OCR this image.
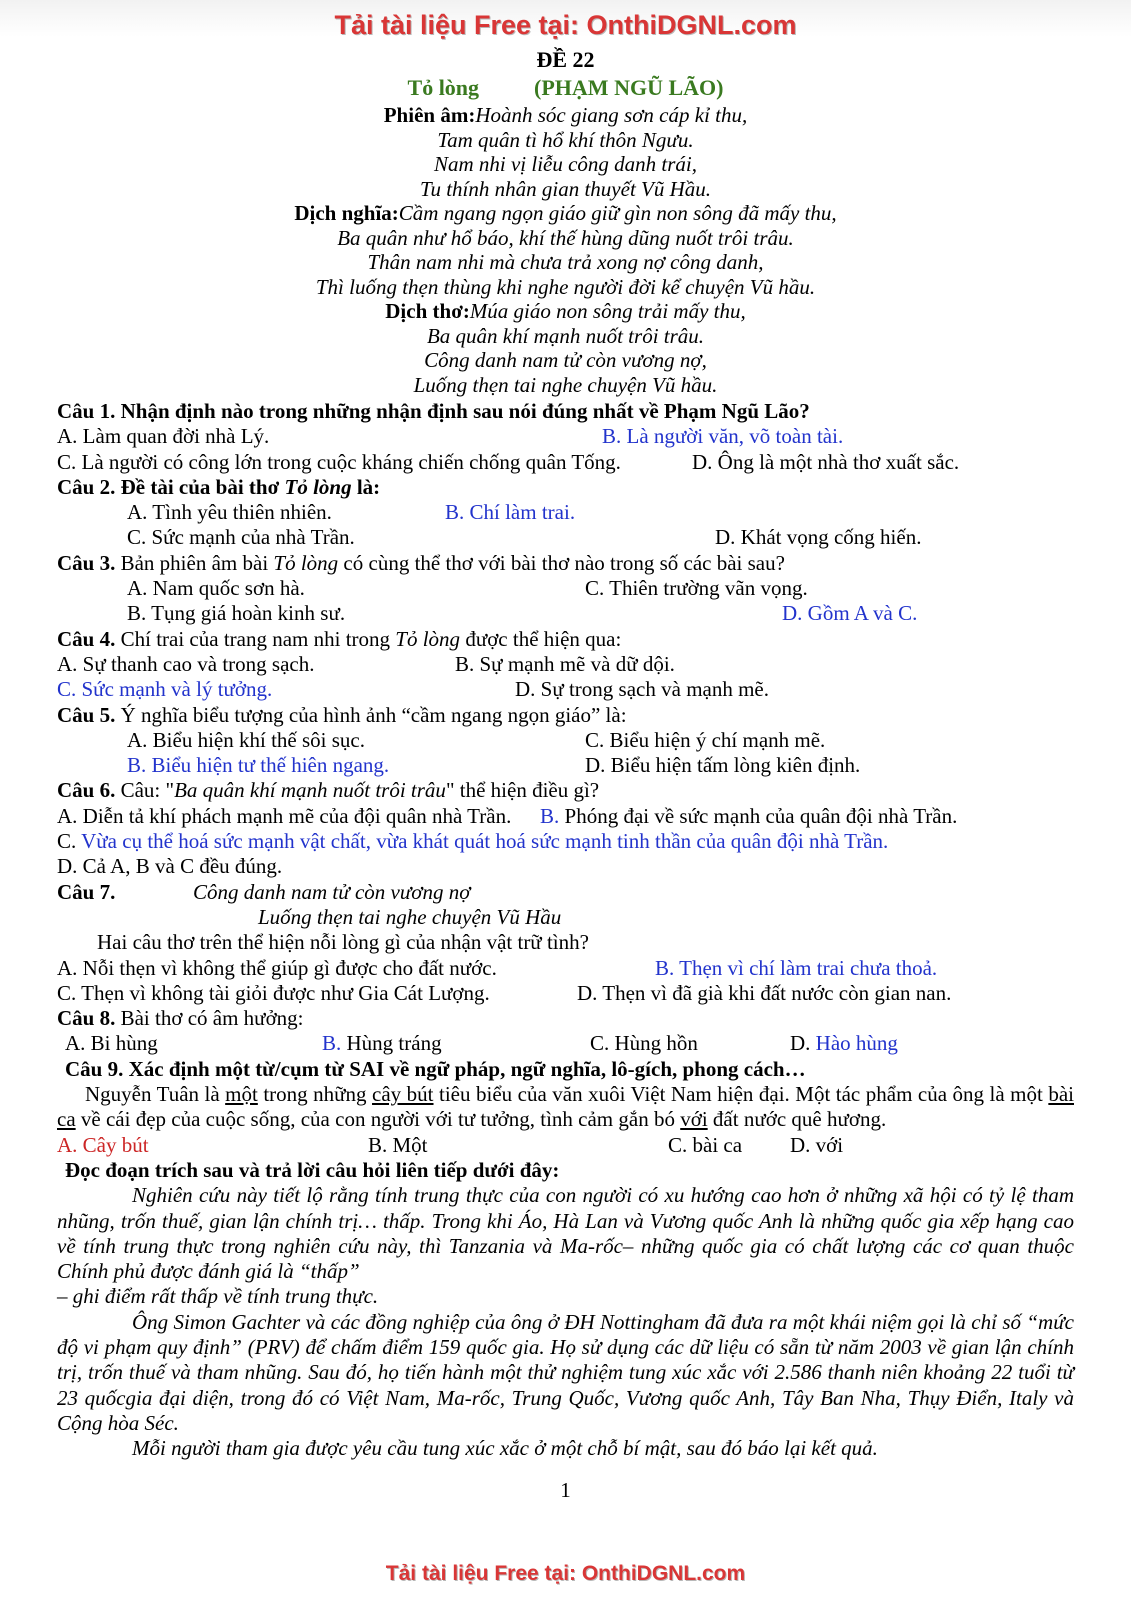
Tải tài liệu Free tại: OnthiDGNL.com
ĐỀ 22
Tỏ lòng	(PHẠM NGŨ LÃO)
Phiên âm:Hoành sóc giang sơn cáp kỉ thu,
Tam quân tì hổ khí thôn Ngưu.
Nam nhi vị liễu công danh trái,
Tu thính nhân gian thuyết Vũ Hầu.
Dịch nghĩa:Cầm ngang ngọn giáo giữ gìn non sông đã mấy thu,
Ba quân như hổ báo, khí thế hùng dũng nuốt trôi trâu.
Thân nam nhi mà chưa trả xong nợ công danh,
Thì luống thẹn thùng khi nghe người đời kể chuyện Vũ hầu.
Dịch thơ:Múa giáo non sông trải mấy thu,
Ba quân khí mạnh nuốt trôi trâu.
Công danh nam tử còn vương nợ,
Luống thẹn tai nghe chuyện Vũ hầu.
Câu 1. Nhận định nào trong những nhận định sau nói đúng nhất về Phạm Ngũ Lão?
A. Làm quan đời nhà Lý.	B. Là người văn, võ toàn tài.
C. Là người có công lớn trong cuộc kháng chiến chống quân Tống.	D. Ông là một nhà thơ xuất sắc.
Câu 2. Đề tài của bài thơ Tỏ lòng là:
A. Tình yêu thiên nhiên.	B. Chí làm trai.
C. Sức mạnh của nhà Trần.	D. Khát vọng cống hiến.
Câu 3. Bản phiên âm bài Tỏ lòng có cùng thể thơ với bài thơ nào trong số các bài sau?
A. Nam quốc sơn hà.	C. Thiên trường vãn vọng.
B. Tụng giá hoàn kinh sư.	D. Gồm A và C.
Câu 4. Chí trai của trang nam nhi trong Tỏ lòng được thể hiện qua:
A. Sự thanh cao và trong sạch.	B. Sự mạnh mẽ và dữ dội.
C. Sức mạnh và lý tưởng.	D. Sự trong sạch và mạnh mẽ.
Câu 5. Ý nghĩa biểu tượng của hình ảnh “cầm ngang ngọn giáo” là:
A. Biểu hiện khí thế sôi sục.	C. Biểu hiện ý chí mạnh mẽ.
B. Biểu hiện tư thế hiên ngang.	D. Biểu hiện tấm lòng kiên định.
Câu 6. Câu: "Ba quân khí mạnh nuốt trôi trâu" thể hiện điều gì?
A. Diễn tả khí phách mạnh mẽ của đội quân nhà Trần. B. Phóng đại về sức mạnh của quân đội nhà Trần.
C. Vừa cụ thể hoá sức mạnh vật chất, vừa khát quát hoá sức mạnh tinh thần của quân đội nhà Trần.
D. Cả A, B và C đều đúng.
Câu 7.	Công danh nam tử còn vương nợ
Luống thẹn tai nghe chuyện Vũ Hầu
Hai câu thơ trên thể hiện nỗi lòng gì của nhận vật trữ tình?
A. Nỗi thẹn vì không thể giúp gì được cho đất nước.	B. Thẹn vì chí làm trai chưa thoả.
C. Thẹn vì không tài giỏi được như Gia Cát Lượng.	D. Thẹn vì đã già khi đất nước còn gian nan.
Câu 8. Bài thơ có âm hưởng:
A. Bi hùng	B. Hùng tráng	C. Hùng hồn	D. Hào hùng
Câu 9. Xác định một từ/cụm từ SAI về ngữ pháp, ngữ nghĩa, lô-gích, phong cách…
Nguyễn Tuân là một trong những cây bút tiêu biểu của văn xuôi Việt Nam hiện đại. Một tác phẩm của ông là một bài ca về cái đẹp của cuộc sống, của con người với tư tưởng, tình cảm gắn bó với đất nước quê hương.
A. Cây bút	B. Một	C. bài ca D. với
Đọc đoạn trích sau và trả lời câu hỏi liên tiếp dưới đây:
Nghiên cứu này tiết lộ rằng tính trung thực của con người có xu hướng cao hơn ở những xã hội có tỷ lệ tham nhũng, trốn thuế, gian lận chính trị… thấp. Trong khi Áo, Hà Lan và Vương quốc Anh là những quốc gia xếp hạng cao về tính trung thực trong nghiên cứu này, thì Tanzania và Ma-rốc– những quốc gia có chất lượng các cơ quan thuộc Chính phủ được đánh giá là “thấp”
– ghi điểm rất thấp về tính trung thực.
Ông Simon Gachter và các đồng nghiệp của ông ở ĐH Nottingham đã đưa ra một khái niệm gọi là chỉ số “mức độ vi phạm quy định” (PRV) để chấm điểm 159 quốc gia. Họ sử dụng các dữ liệu có sẵn từ năm 2003 về gian lận chính trị, trốn thuế và tham nhũng. Sau đó, họ tiến hành một thử nghiệm tung xúc xắc với 2.586 thanh niên khoảng 22 tuổi từ 23 quốcgia đại diện, trong đó có Việt Nam, Ma-rốc, Trung Quốc, Vương quốc Anh, Tây Ban Nha, Thụy Điển, Italy và Cộng hòa Séc.
Mỗi người tham gia được yêu cầu tung xúc xắc ở một chỗ bí mật, sau đó báo lại kết quả.
1
Tải tài liệu Free tại: OnthiDGNL.com
